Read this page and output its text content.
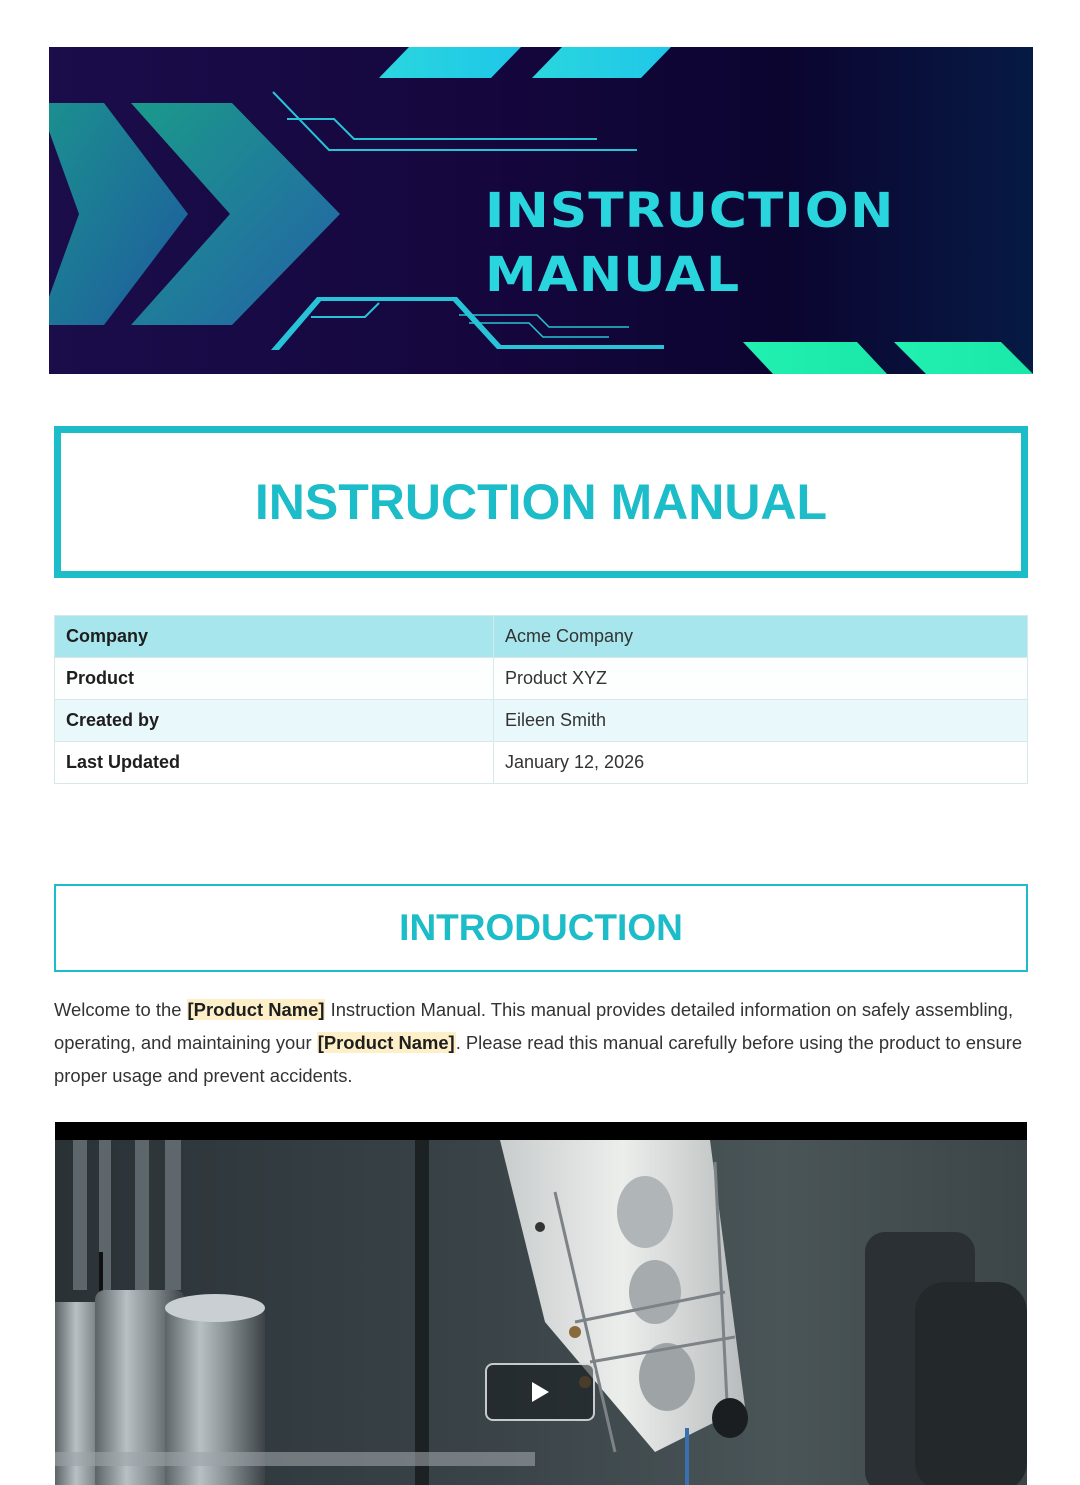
INSTRUCTION
MANUAL
INSTRUCTION MANUAL
Company	Acme Company
Product	Product XYZ
Created by	Eileen Smith
Last Updated	January 12, 2026
INTRODUCTION

Welcome to the [Product Name] Instruction Manual. This manual provides detailed information on safely assembling, operating, and maintaining your [Product Name]. Please read this manual carefully before using the product to ensure proper usage and prevent accidents.
